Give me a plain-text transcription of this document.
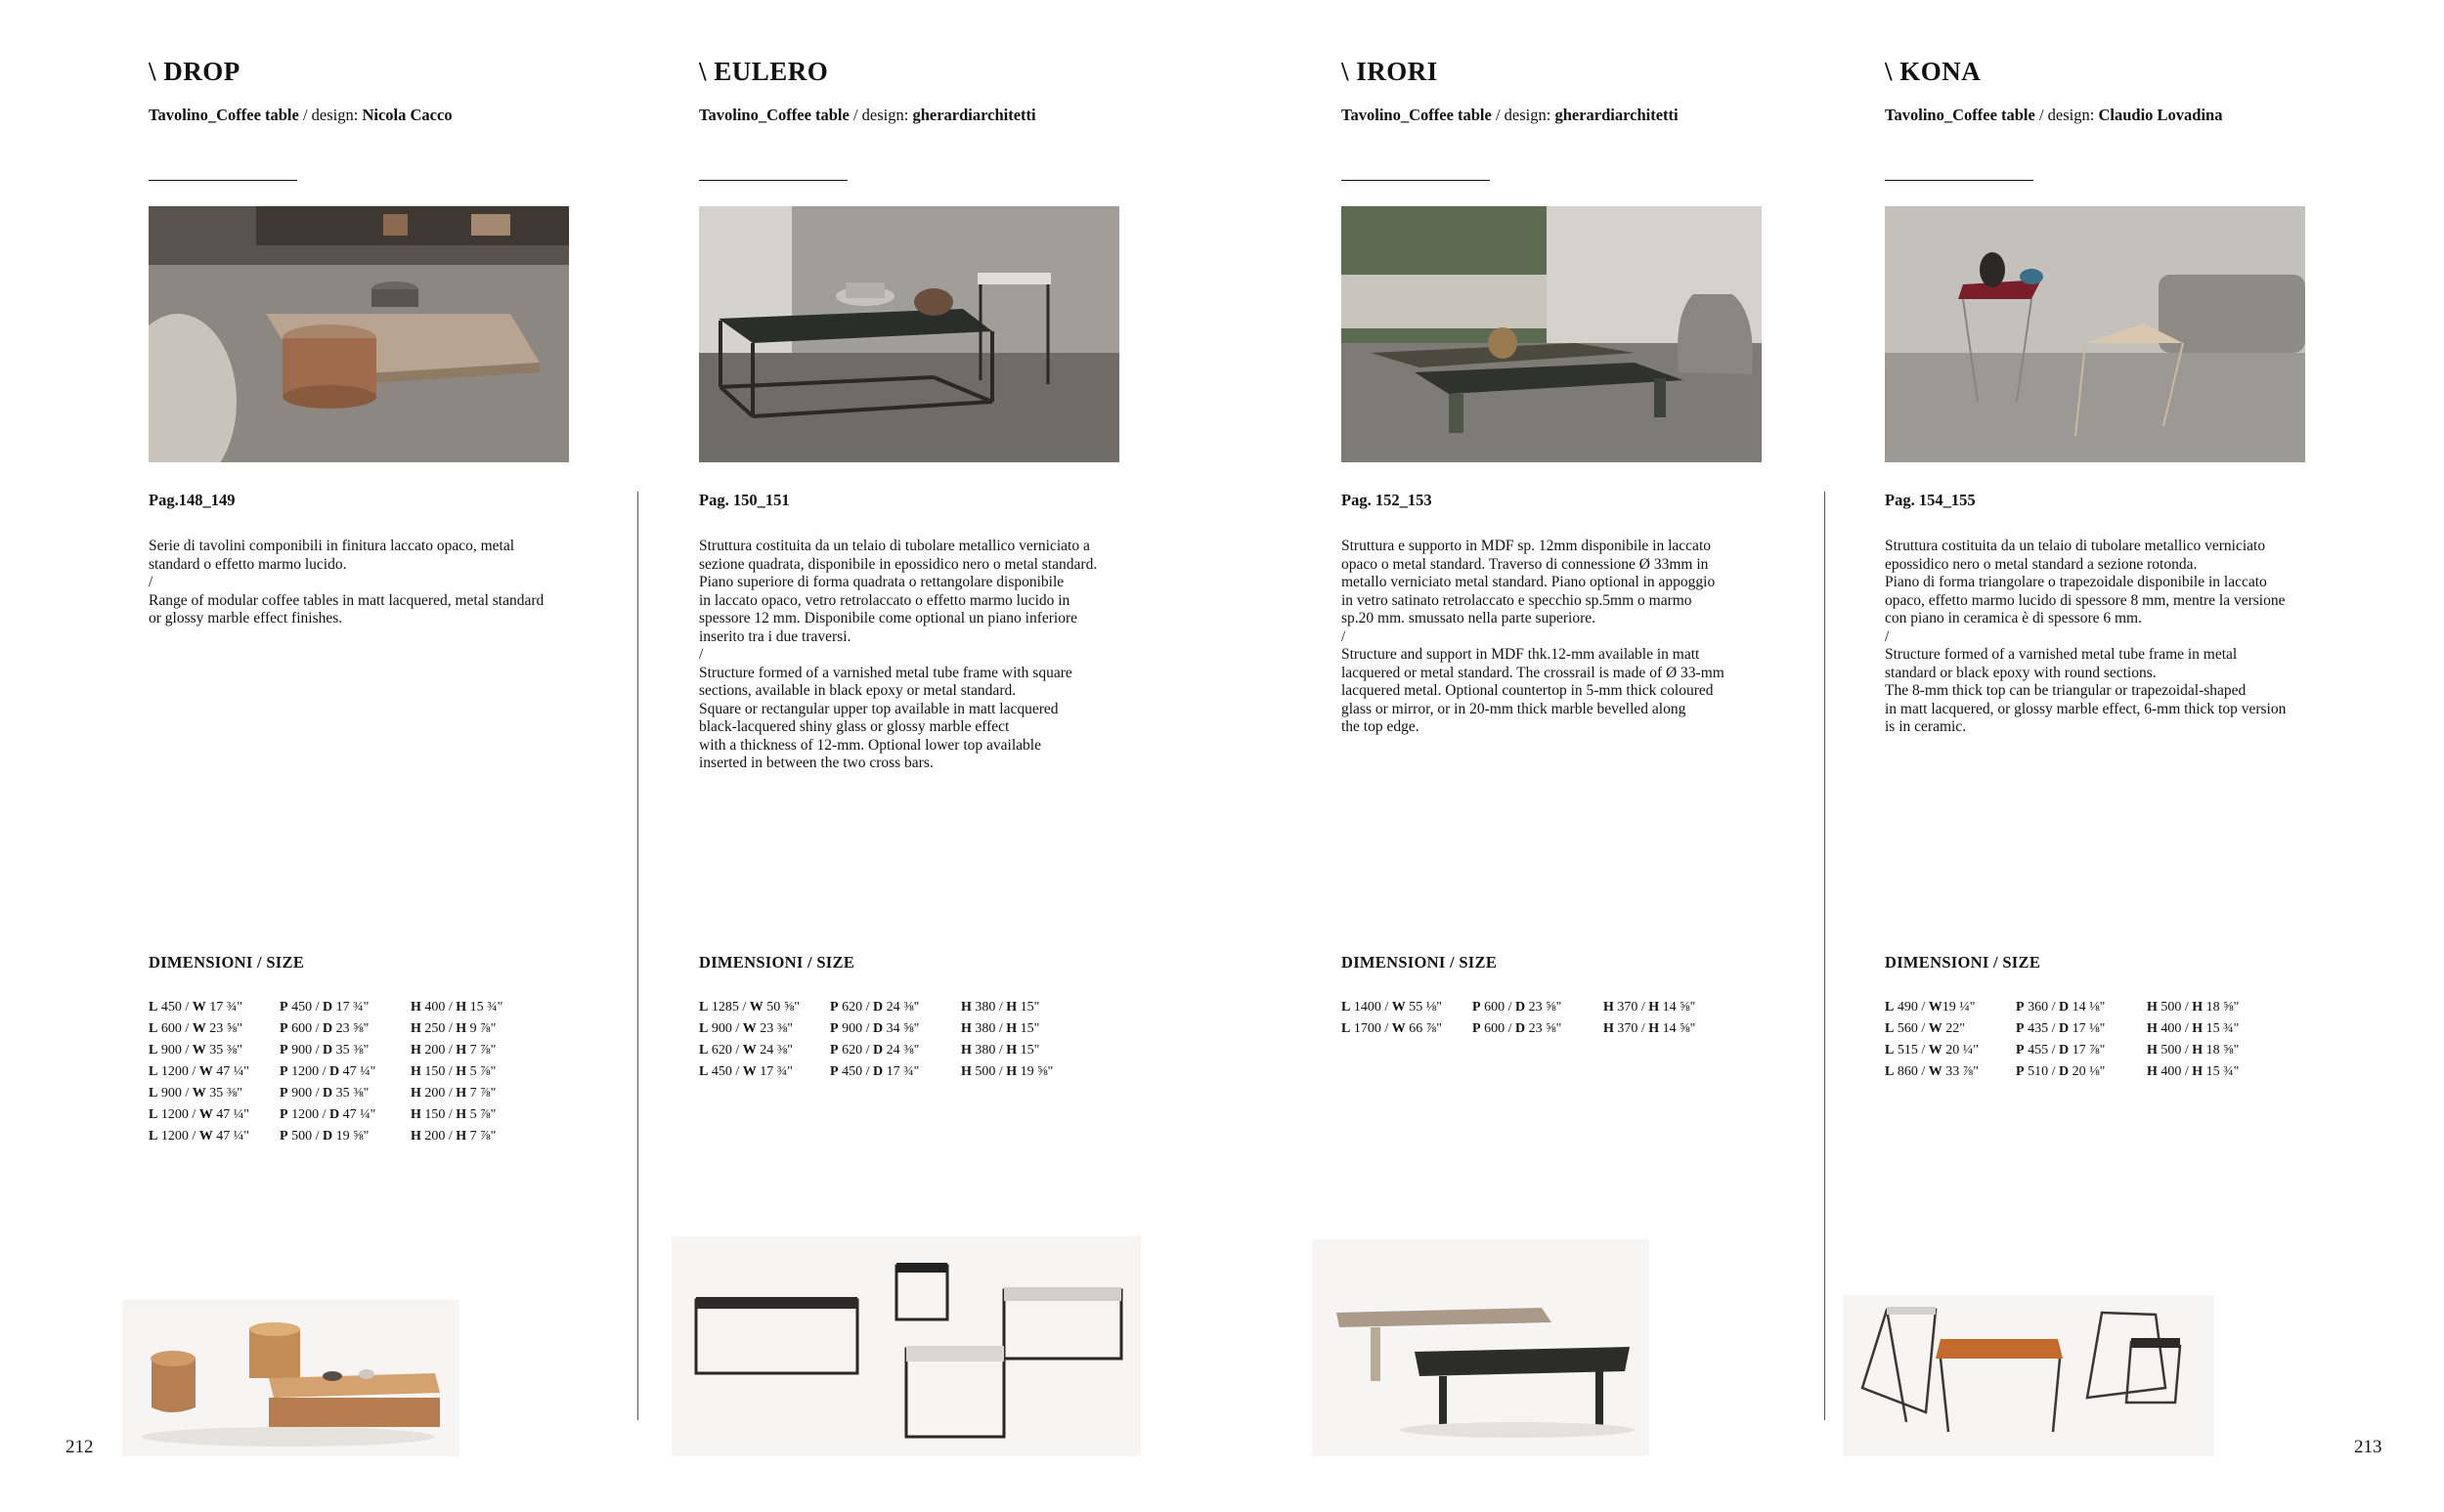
\ DROP
Tavolino_Coffee table / design: Nicola Cacco
Pag.148_149
Serie di tavolini componibili in finitura laccato opaco, metal
standard o effetto marmo lucido.
/
Range of modular coffee tables in matt lacquered, metal standard
or glossy marble effect finishes.
DIMENSIONI / SIZE
L 450 / W 17 ¾"	P 450 / D 17 ¾"	H 400 / H 15 ¾"
L 600 / W 23 ⅝"	P 600 / D 23 ⅝"	H 250 / H 9 ⅞"
L 900 / W 35 ⅜"	P 900 / D 35 ⅜"	H 200 / H 7 ⅞"
L 1200 / W 47 ¼"	P 1200 / D 47 ¼"	H 150 / H 5 ⅞"
L 900 / W 35 ⅜"	P 900 / D 35 ⅜"	H 200 / H 7 ⅞"
L 1200 / W 47 ¼"	P 1200 / D 47 ¼"	H 150 / H 5 ⅞"
L 1200 / W 47 ¼"	P 500 / D 19 ⅝"	H 200 / H 7 ⅞"
\ EULERO
Tavolino_Coffee table / design: gherardiarchitetti
Pag. 150_151
Struttura costituita da un telaio di tubolare metallico verniciato a
sezione quadrata, disponibile in epossidico nero o metal standard.
Piano superiore di forma quadrata o rettangolare disponibile
in laccato opaco, vetro retrolaccato o effetto marmo lucido in
spessore 12 mm. Disponibile come optional un piano inferiore
inserito tra i due traversi.
/
Structure formed of a varnished metal tube frame with square
sections, available in black epoxy or metal standard.
Square or rectangular upper top available in matt lacquered
black-lacquered shiny glass or glossy marble effect
with a thickness of 12-mm. Optional lower top available
inserted in between the two cross bars.
DIMENSIONI / SIZE
L 1285 / W 50 ⅝"	P 620 / D 24 ⅜"	H 380 / H 15"
L 900 / W 23 ⅜"	P 900 / D 34 ⅝"	H 380 / H 15"
L 620 / W 24 ⅜"	P 620 / D 24 ⅜"	H 380 / H 15"
L 450 / W 17 ¾"	P 450 / D 17 ¾"	H 500 / H 19 ⅝"
\ IRORI
Tavolino_Coffee table / design: gherardiarchitetti
Pag. 152_153
Struttura e supporto in MDF sp. 12mm disponibile in laccato
opaco o metal standard. Traverso di connessione Ø 33mm in
metallo verniciato metal standard. Piano optional in appoggio
in vetro satinato retrolaccato e specchio sp.5mm o marmo
sp.20 mm. smussato nella parte superiore.
/
Structure and support in MDF thk.12-mm available in matt
lacquered or metal standard. The crossrail is made of Ø 33-mm
lacquered metal. Optional countertop in 5-mm thick coloured
glass or mirror, or in 20-mm thick marble bevelled along
the top edge.
DIMENSIONI / SIZE
L 1400 / W 55 ⅛"	P 600 / D 23 ⅝"	H 370 / H 14 ⅝"
L 1700 / W 66 ⅞"	P 600 / D 23 ⅝"	H 370 / H 14 ⅝"
\ KONA
Tavolino_Coffee table / design: Claudio Lovadina
Pag. 154_155
Struttura costituita da un telaio di tubolare metallico verniciato
epossidico nero o metal standard a sezione rotonda.
Piano di forma triangolare o trapezoidale disponibile in laccato
opaco, effetto marmo lucido di spessore 8 mm, mentre la versione
con piano in ceramica è di spessore 6 mm.
/
Structure formed of a varnished metal tube frame in metal
standard or black epoxy with round sections.
The 8-mm thick top can be triangular or trapezoidal-shaped
in matt lacquered, or glossy marble effect, 6-mm thick top version
is in ceramic.
DIMENSIONI / SIZE
L 490 / W19 ¼"	P 360 / D 14 ⅛"	H 500 / H 18 ⅝"
L 560 / W 22"	P 435 / D 17 ⅛"	H 400 / H 15 ¾"
L 515 / W 20 ¼"	P 455 / D 17 ⅞"	H 500 / H 18 ⅝"
L 860 / W 33 ⅞"	P 510 / D 20 ⅛"	H 400 / H 15 ¾"
212	213
